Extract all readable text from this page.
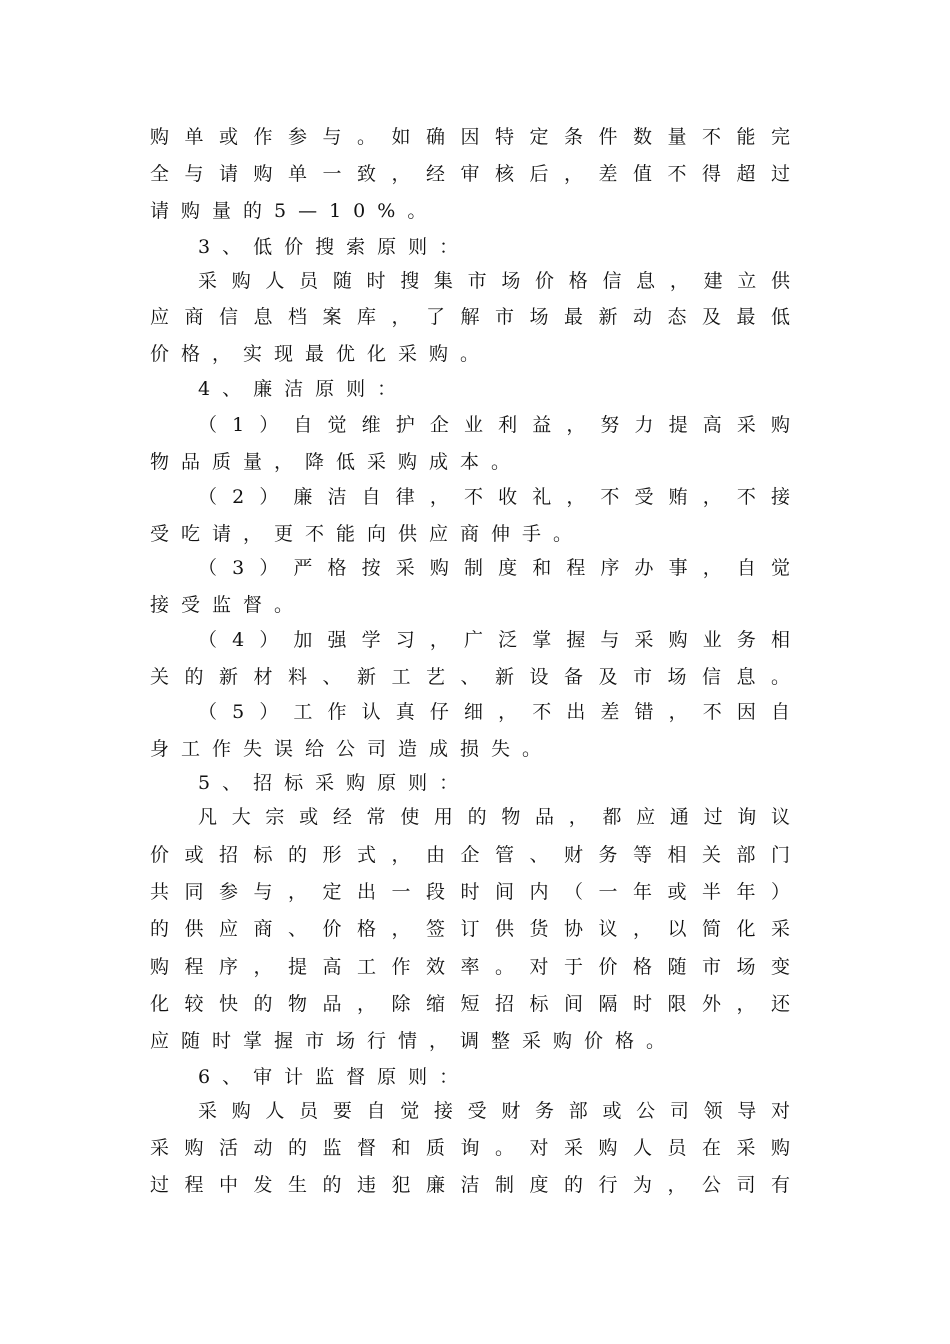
购单或作参与。如确因特定条件数量不能完
全与请购单一致，经审核后，差值不得超过
请购量的5—10%。
3、低价搜索原则：
采购人员随时搜集市场价格信息，建立供
应商信息档案库，了解市场最新动态及最低
价格，实现最优化采购。
4、廉洁原则：
（1）自觉维护企业利益，努力提高采购
物品质量，降低采购成本。
（2）廉洁自律，不收礼，不受贿，不接
受吃请，更不能向供应商伸手。
（3）严格按采购制度和程序办事，自觉
接受监督。
（4）加强学习，广泛掌握与采购业务相
关的新材料、新工艺、新设备及市场信息。
（5）工作认真仔细，不出差错，不因自
身工作失误给公司造成损失。
5、招标采购原则：
凡大宗或经常使用的物品，都应通过询议
价或招标的形式，由企管、财务等相关部门
共同参与，定出一段时间内（一年或半年）
的供应商、价格，签订供货协议，以简化采
购程序，提高工作效率。对于价格随市场变
化较快的物品，除缩短招标间隔时限外，还
应随时掌握市场行情，调整采购价格。
6、审计监督原则：
采购人员要自觉接受财务部或公司领导对
采购活动的监督和质询。对采购人员在采购
过程中发生的违犯廉洁制度的行为，公司有
